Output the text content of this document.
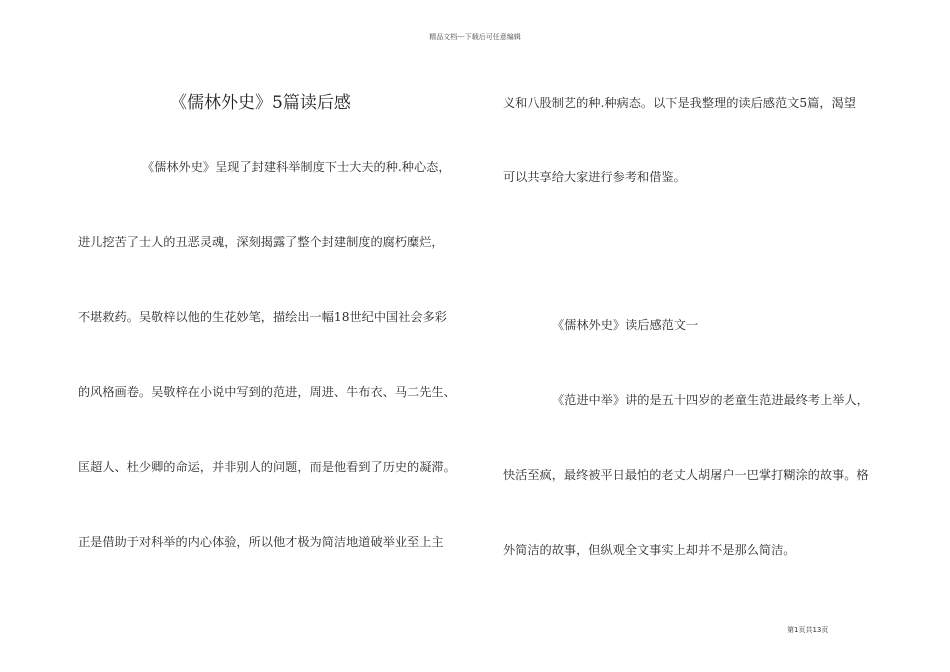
精品文档---下载后可任意编辑
《儒林外史》5篇读后感
《儒林外史》呈现了封建科举制度下士大夫的种.种心态，
进儿挖苦了士人的丑恶灵魂，深刻揭露了整个封建制度的腐朽糜烂，
不堪救药。吴敬梓以他的生花妙笔，描绘出一幅18世纪中国社会多彩
的风格画卷。吴敬梓在小说中写到的范进，周进、牛布衣、马二先生、
匡超人、杜少卿的命运，并非别人的问题，而是他看到了历史的凝滞。
正是借助于对科举的内心体验，所以他才极为简洁地道破举业至上主
义和八股制艺的种.种病态。以下是我整理的读后感范文5篇，渴望
可以共享给大家进行参考和借鉴。
《儒林外史》读后感范文一
《范进中举》讲的是五十四岁的老童生范进最终考上举人，
快活至疯，最终被平日最怕的老丈人胡屠户一巴掌打糊涂的故事。格
外简洁的故事，但纵观全文事实上却并不是那么简洁。
第1页共13页
